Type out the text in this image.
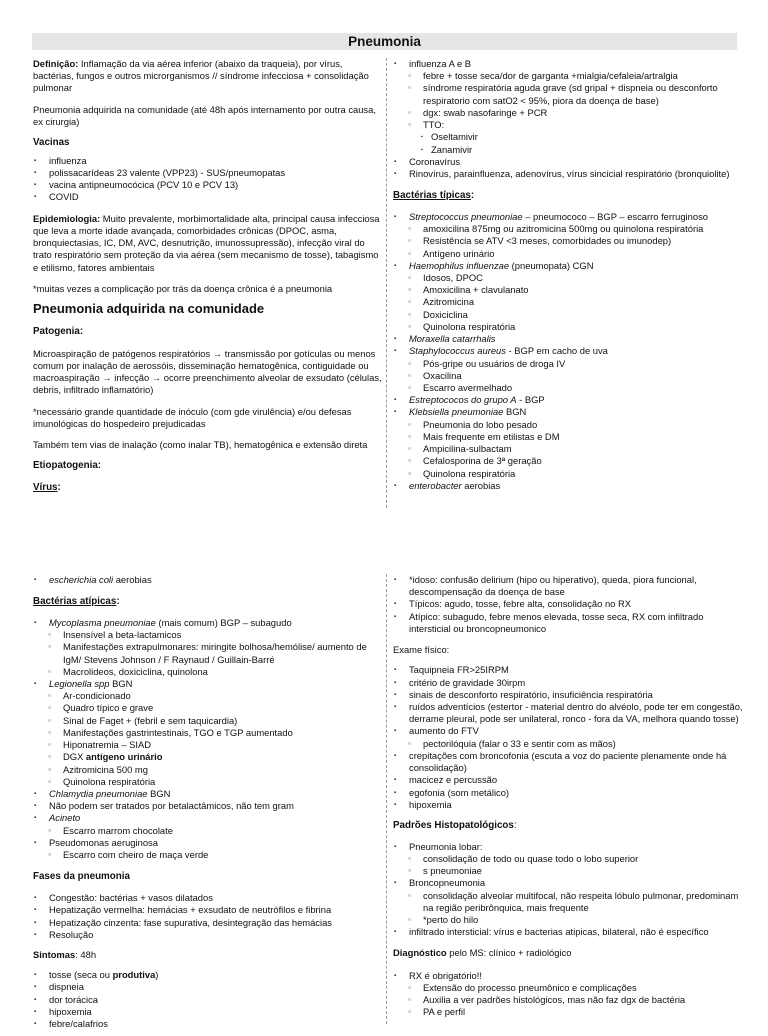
Pneumonia

Definição: Inflamação da via aérea inferior (abaixo da traqueia), por vírus, bactérias, fungos e outros microrganismos // síndrome infecciosa + consolidação pulmonar

Pneumonia adquirida na comunidade (até 48h após internamento por outra causa, ex cirurgia)

Vacinas
▪ influenza
▪ polissacarídeas 23 valente (VPP23) - SUS/pneumopatas
▪ vacina antipneumocócica (PCV 10 e PCV 13)
▪ COVID

Epidemiologia: Muito prevalente, morbimortalidade alta, principal causa infecciosa que leva a morte idade avançada, comorbidades crônicas (DPOC, asma, bronquiectasias, IC, DM, AVC, desnutrição, imunossupressão), infecção viral do trato respiratório sem proteção da via aérea (sem mecanismo de tosse), tabagismo e etilismo, fatores ambientais

*muitas vezes a complicação por trás da doença crônica é a pneumonia

Pneumonia adquirida na comunidade
Patogenia:

Microaspiração de patógenos respiratórios → transmissão por gotículas ou menos comum por inalação de aerossóis, disseminação hematogênica, contiguidade ou macroaspiração → infecção → ocorre preenchimento alveolar de exsudato (células, debris, infiltrado inflamatório)

*necessário grande quantidade de inóculo (com gde virulência) e/ou defesas imunológicas do hospedeiro prejudicadas

Também tem vias de inalação (como inalar TB), hematogênica e extensão direta

Etiopatogenia:
Vírus:
▪ influenza A e B
○ febre + tosse seca/dor de garganta +mialgia/cefaleia/artralgia
○ síndrome respiratória aguda grave (sd gripal + dispneia ou desconforto respiratorio com satO2 < 95%, piora da doença de base)
○ dgx: swab nasofaringe + PCR
○ TTO:
▪ Oseltamivir
▪ Zanamivir
▪ Coronavírus
▪ Rinovírus, parainfluenza, adenovírus, vírus sincicial respiratório (bronquiolite)
Bactérias típicas:
▪ Streptococcus pneumoniae – pneumococo – BGP – escarro ferruginoso
○ amoxicilina 875mg ou azitromicina 500mg ou quinolona respiratória
○ Resistência se ATV <3 meses, comorbidades ou imunodep)
○ Antígeno urinário
▪ Haemophilus influenzae (pneumopata) CGN
○ Idosos, DPOC
○ Amoxicilina + clavulanato
○ Azitromicina
○ Doxiciclina
○ Quinolona respiratória
▪ Moraxella catarrhalis
▪ Staphylococcus aureus - BGP em cacho de uva
○ Pós-gripe ou usuários de droga IV
○ Oxacilina
○ Escarro avermelhado
▪ Estreptococos do grupo A - BGP
▪ Klebsiella pneumoniae BGN
○ Pneumonia do lobo pesado
○ Mais frequente em etilistas e DM
○ Ampicilina-sulbactam
○ Cefalosporina de 3ª geração
○ Quinolona respiratória
▪ enterobacter aerobias
▪ escherichia coli aerobias
Bactérias atípicas:
▪ Mycoplasma pneumoniae (mais comum) BGP – subagudo
○ Insensível a beta-lactamicos
○ Manifestações extrapulmonares: miringite bolhosa/hemólise/ aumento de IgM/ Stevens Johnson / F Raynaud / Guillain-Barré
○ Macrolideos, doxiciclina, quinolona
▪ Legionella spp BGN
○ Ar-condicionado
○ Quadro típico e grave
○ Sinal de Faget + (febril e sem taquicardia)
○ Manifestações gastrintestinais, TGO e TGP aumentado
○ Hiponatremia – SIAD
○ DGX antígeno urinário
○ Azitromicina 500 mg
○ Quinolona respiratória
▪ Chlamydia pneumoniae BGN
▪ Não podem ser tratados por betalactâmicos, não tem gram
▪ Acineto
○ Escarro marrom chocolate
▪ Pseudomonas aeruginosa
○ Escarro com cheiro de maça verde
Fases da pneumonia
▪ Congestão: bactérias + vasos dilatados
▪ Hepatização vermelha: hemácias + exsudato de neutrófilos e fibrina
▪ Hepatização cinzenta: fase supurativa, desintegração das hemácias
▪ Resolução

Sintomas: 48h

▪ tosse (seca ou produtiva)
▪ dispneia
▪ dor torácica
▪ hipoxemia
▪ febre/calafrios
▪ *idoso: confusão delirium (hipo ou hiperativo), queda, piora funcional, descompensação da doença de base
▪ Típicos: agudo, tosse, febre alta, consolidação no RX
▪ Atípico: subagudo, febre menos elevada, tosse seca, RX com infiltrado intersticial ou broncopneumonico

Exame físico:

▪ Taquipneia FR>25IRPM
▪ critério de gravidade 30irpm
▪ sinais de desconforto respiratório, insuficiência respiratória
▪ ruídos adventícios (estertor - material dentro do alvéolo, pode ter em congestão, derrame pleural, pode ser unilateral, ronco - fora da VA, melhora quando tosse)
▪ aumento do FTV
○ pectorilóquia (falar o 33 e sentir com as mãos)
▪ crepitações com broncofonia (escuta a voz do paciente plenamente onde há consolidação)
▪ macicez e percussão
▪ egofonia (som metálico)
▪ hipoxemia
Padrões Histopatológicos:
▪ Pneumonia lobar:
○ consolidação de todo ou quase todo o lobo superior
○ s pneumoniae
▪ Broncopneumonia
○ consolidação alveolar multifocal, não respeita lóbulo pulmonar, predominam na região peribrônquica, mais frequente
○ *perto do hilo
▪ infiltrado intersticial: vírus e bacterias atipicas, bilateral, não é específico

Diagnóstico pelo MS: clínico + radiológico

▪ RX é obrigatório!!
○ Extensão do processo pneumônico e complicações
○ Auxilia a ver padrões histológicos, mas não faz dgx de bactéria
○ PA e perfil
